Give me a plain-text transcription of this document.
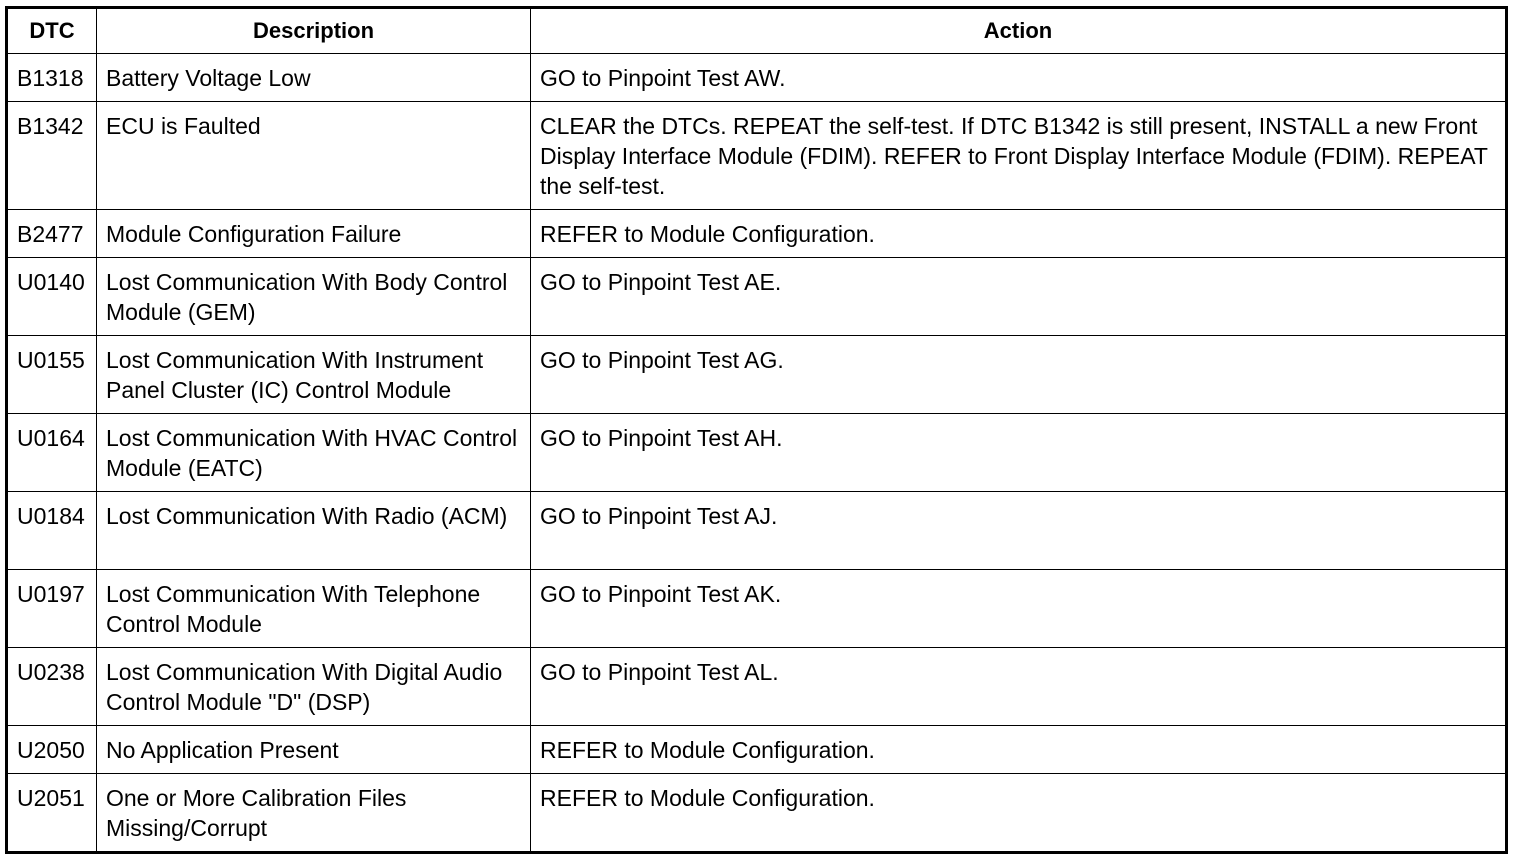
DTC	Description	Action

B1318	Battery Voltage Low	GO to Pinpoint Test AW.

B1342	ECU is Faulted	CLEAR the DTCs. REPEAT the self-test. If DTC B1342 is still present, INSTALL a new Front Display Interface Module (FDIM). REFER to Front Display Interface Module (FDIM). REPEAT the self-test.

B2477	Module Configuration Failure	REFER to Module Configuration.

U0140	Lost Communication With Body Control Module (GEM)	GO to Pinpoint Test AE.

U0155	Lost Communication With Instrument Panel Cluster (IC) Control Module	GO to Pinpoint Test AG.

U0164	Lost Communication With HVAC Control Module (EATC)	GO to Pinpoint Test AH.

U0184	Lost Communication With Radio (ACM)	GO to Pinpoint Test AJ.

U0197	Lost Communication With Telephone Control Module	GO to Pinpoint Test AK.

U0238	Lost Communication With Digital Audio Control Module "D" (DSP)	GO to Pinpoint Test AL.

U2050	No Application Present	REFER to Module Configuration.

U2051	One or More Calibration Files Missing/Corrupt	REFER to Module Configuration.
